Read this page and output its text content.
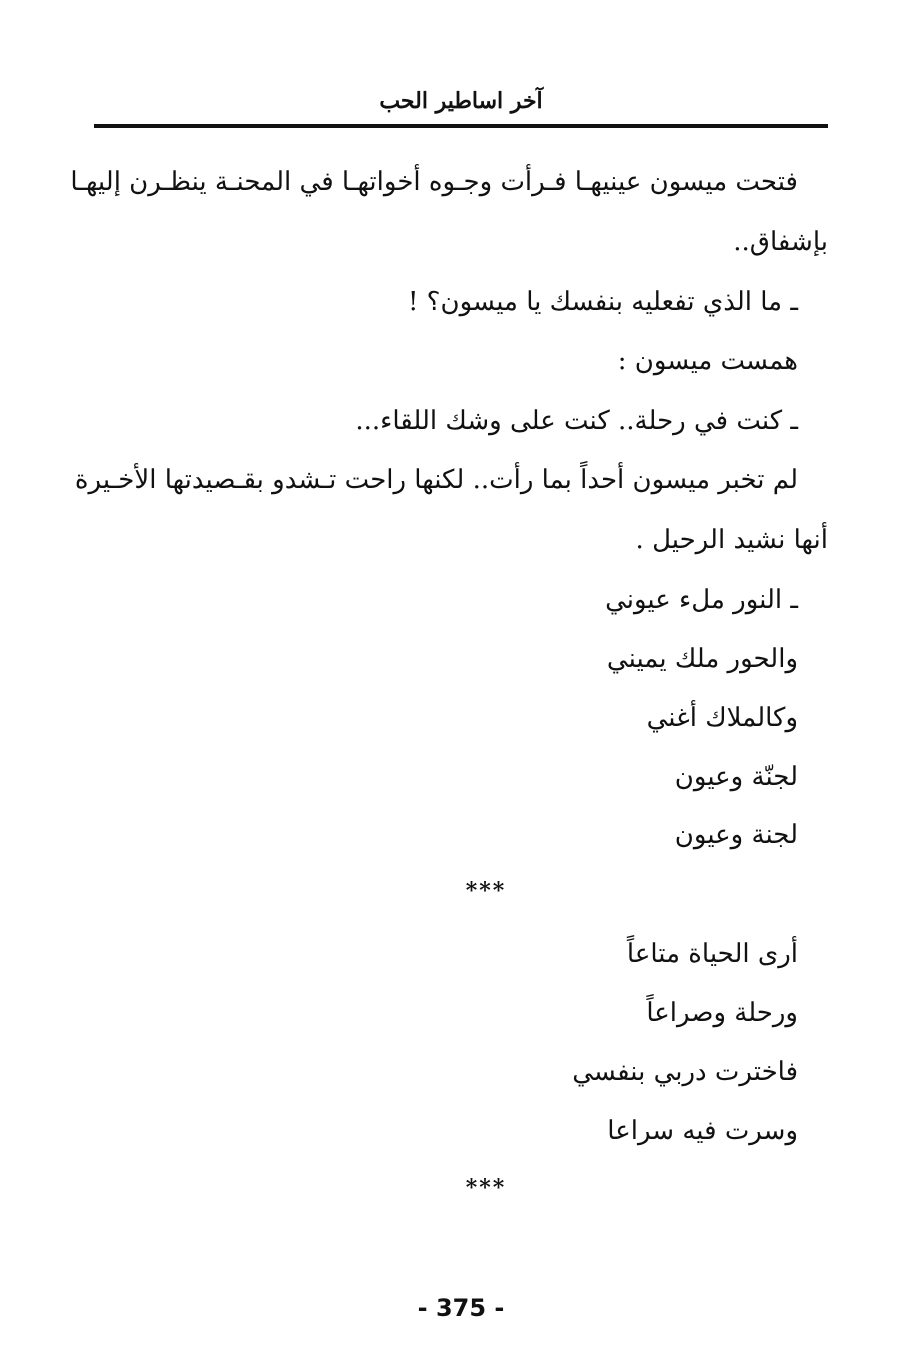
آخر اساطير الحب
فتحت ميسون عينيهـا فـرأت وجـوه أخواتهـا في المحنـة ينظـرن إليهـا
بإشفاق..
ـ ما الذي تفعليه بنفسك يا ميسون؟ !
همست ميسون :
ـ كنت في رحلة.. كنت على وشك اللقاء...
لم تخبر ميسون أحداً بما رأت.. لكنها راحت تـشدو بقـصيدتها الأخـيرة
أنها نشيد الرحيل .
ـ النور ملء عيوني
والحور ملك يميني
وكالملاك أغني
لجنّة وعيون
لجنة وعيون
***
أرى الحياة متاعاً
ورحلة وصراعاً
فاخترت دربي بنفسي
وسرت فيه سراعا
***
- 375 -
